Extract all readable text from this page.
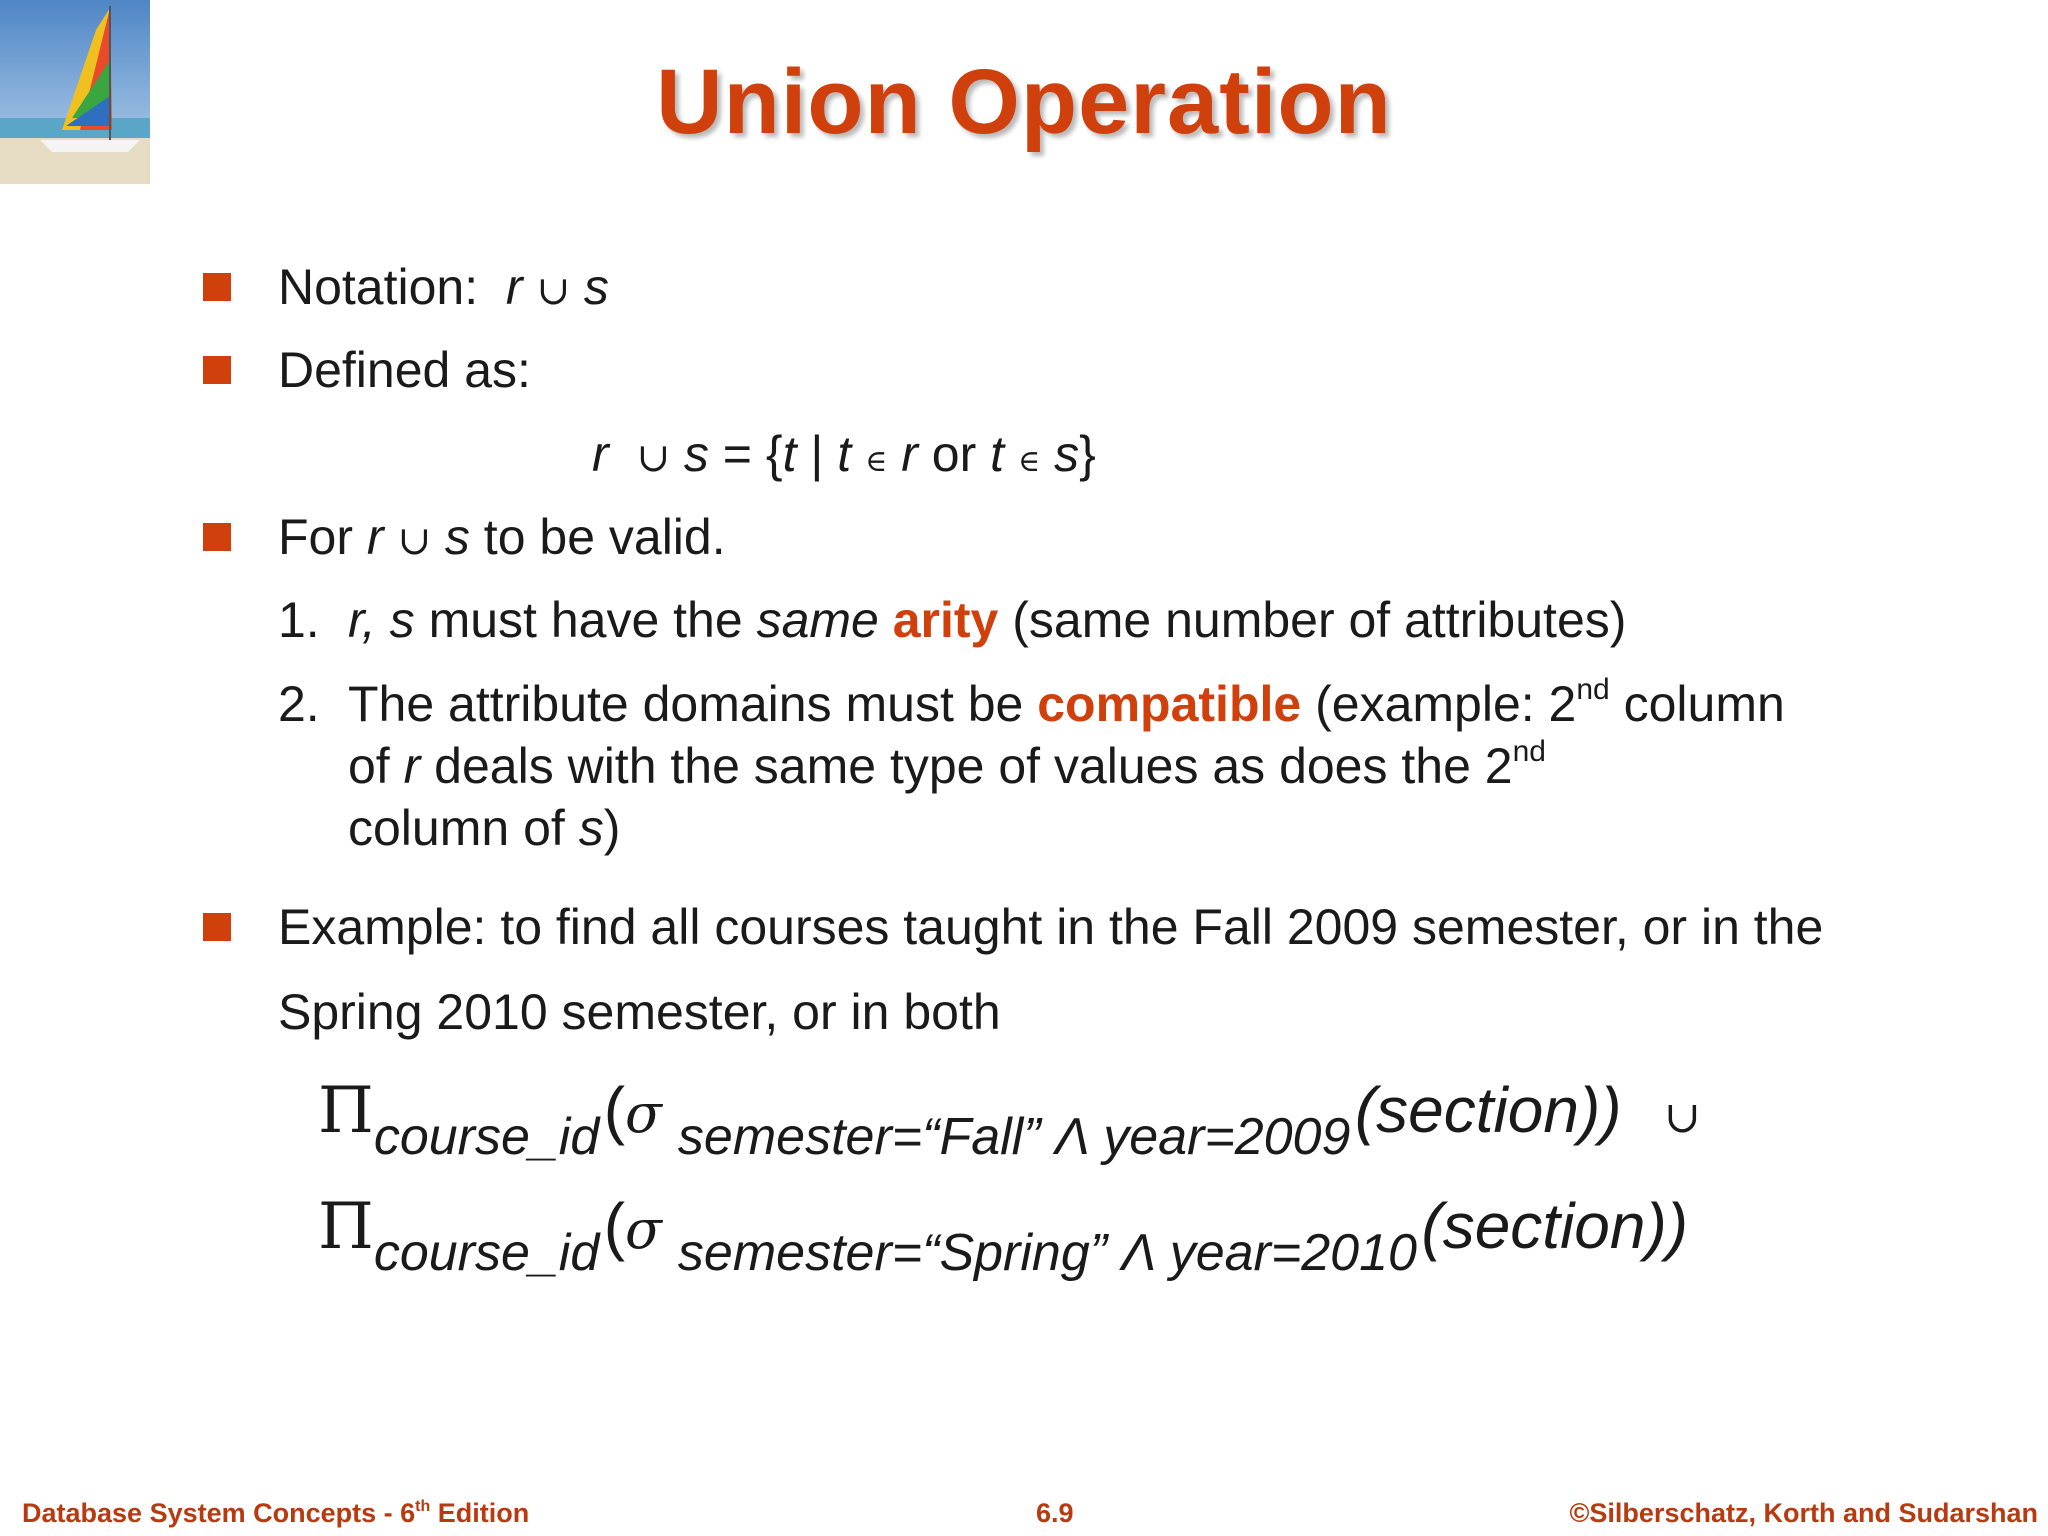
Union Operation
Notation: r ∪ s
Defined as:
r ∪ s = {t | t ∈ r or t ∈ s}
For r ∪ s to be valid.
1. r, s must have the same arity (same number of attributes)
2. The attribute domains must be compatible (example: 2nd column
of r deals with the same type of values as does the 2nd
column of s)
Example: to find all courses taught in the Fall 2009 semester, or in the
Spring 2010 semester, or in both
Πcourse_id (σ semester=“Fall” Λ year=2009 (section)) ∪
Πcourse_id (σ semester=“Spring” Λ year=2010 (section))
Database System Concepts - 6th Edition	6.9	©Silberschatz, Korth and Sudarshan
